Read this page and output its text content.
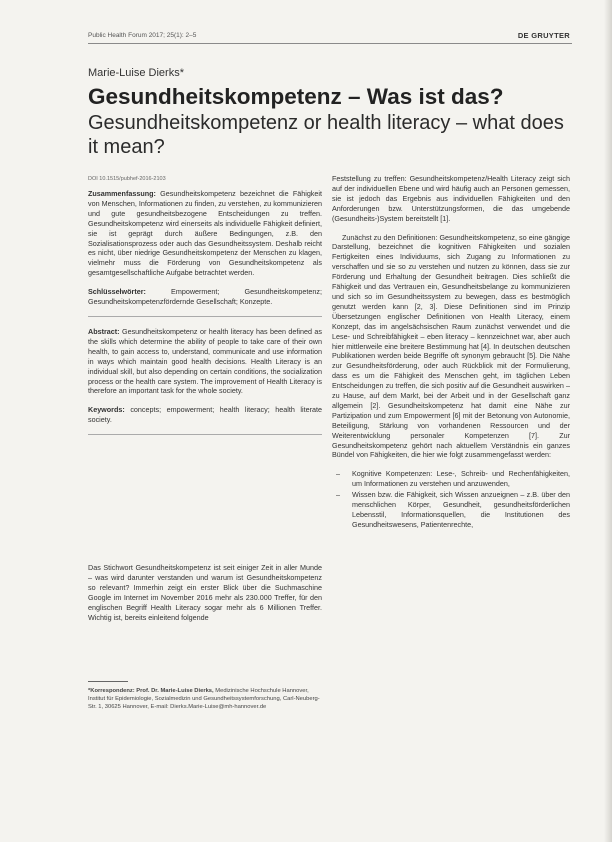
Public Health Forum 2017; 25(1): 2–5	DE GRUYTER
Marie-Luise Dierks*
Gesundheitskompetenz – Was ist das?
Gesundheitskompetenz or health literacy – what does it mean?
DOI 10.1515/pubhef-2016-2103

Zusammenfassung: Gesundheitskompetenz bezeichnet die Fähigkeit von Menschen, Informationen zu finden, zu verstehen, zu kommunizieren und gute gesundheitsbezogene Entscheidungen zu treffen. Gesundheitskompetenz wird einerseits als individuelle Fähigkeit definiert, sie ist geprägt durch äußere Bedingungen, z.B. den Sozialisationsprozess oder auch das Gesundheitssystem. Deshalb reicht es nicht, über niedrige Gesundheitskompetenz der Menschen zu klagen, vielmehr muss die Förderung von Gesundheitskompetenz als gesamtgesellschaftliche Aufgabe betrachtet werden.

Schlüsselwörter:	Empowerment; Gesundheitskompetenz; Gesundheitskompetenzfördernde Gesellschaft; Konzepte.

Abstract: Gesundheitskompetenz or health literacy has been defined as the skills which determine the ability of people to take care of their own health, to gain access to, understand, communicate and use information in ways which maintain good health decisions. Health Literacy is an individual skill, but also depending on certain conditions, the socialization process or the health care system. The improvement of Health Literacy is therefore an important task for the whole society.

Keywords: concepts; empowerment; health literacy; health literate society.

Das Stichwort Gesundheitskompetenz ist seit einiger Zeit in aller Munde – was wird darunter verstanden und warum ist Gesundheitskompetenz so relevant? Immerhin zeigt ein erster Blick über die Suchmaschine Google im Internet im November 2016 mehr als 230.000 Treffer, für den englischen Begriff Health Literacy sogar mehr als 6 Millionen Treffer. Wichtig ist, bereits einleitend folgende

*Korrespondenz: Prof. Dr. Marie-Luise Dierks, Medizinische Hochschule Hannover, Institut für Epidemiologie, Sozialmedizin und Gesundheitssystemforschung, Carl-Neuberg-Str. 1, 30625 Hannover, E-mail: Dierks.Marie-Luise@mh-hannover.de

Feststellung zu treffen: Gesundheitskompetenz/Health Literacy zeigt sich auf der individuellen Ebene und wird häufig auch an Personen gemessen, sie ist jedoch das Ergebnis aus individuellen Fähigkeiten und den Anforderungen bzw. Unterstützungsformen, die das umgebende (Gesundheits-)System bereitstellt [1].

Zunächst zu den Definitionen: Gesundheitskompetenz, so eine gängige Darstellung, bezeichnet die kognitiven Fähigkeiten und sozialen Fertigkeiten eines Individuums, sich Zugang zu Informationen zu verschaffen und sie so zu verstehen und nutzen zu können, dass sie zur Förderung und Erhaltung der Gesundheit beitragen. Dies schließt die Fähigkeit und das Vertrauen ein, Gesundheitsbelange zu kommunizieren und sich so im Gesundheitssystem zu bewegen, dass es bestmöglich genutzt werden kann [2, 3]. Diese Definitionen sind im Prinzip Übersetzungen englischer Definitionen von Health Literacy, einem Konzept, das im angelsächsischen Raum zunächst verwendet und die Lese- und Schreibfähigkeit – eben literacy – kennzeichnet war, aber auch hier mittlerweile eine breitere Bestimmung hat [4]. In deutschen deutschen Publikationen werden beide Begriffe oft synonym gebraucht [5]. Die Nähe zur Gesundheitsförderung, oder auch Rückblick mit der Formulierung, dass es um die Fähigkeit des Menschen geht, im täglichen Leben Entscheidungen zu treffen, die sich positiv auf die Gesundheit auswirken – zu Hause, auf dem Markt, bei der Arbeit und in der Gesellschaft ganz allgemein [2]. Gesundheitskompetenz hat damit eine Nähe zur Partizipation und zum Empowerment [6] mit der Betonung von Autonomie, Beteiligung, Stärkung von vorhandenen Ressourcen und der Weiterentwicklung personaler Kompetenzen [7]. Zur Gesundheitskompetenz gehört nach aktuellem Verständnis ein ganzes Bündel von Fähigkeiten, die hier wie folgt zusammengefasst werden:

– Kognitive Kompetenzen: Lese-, Schreib- und Rechenfähigkeiten, um Informationen zu verstehen und anzuwenden,
– Wissen bzw. die Fähigkeit, sich Wissen anzueignen – z.B. über den menschlichen Körper, Gesundheit, gesundheitsförderlichen Lebensstil, Informationsquellen, die Institutionen des Gesundheitswesens, Patientenrechte,
